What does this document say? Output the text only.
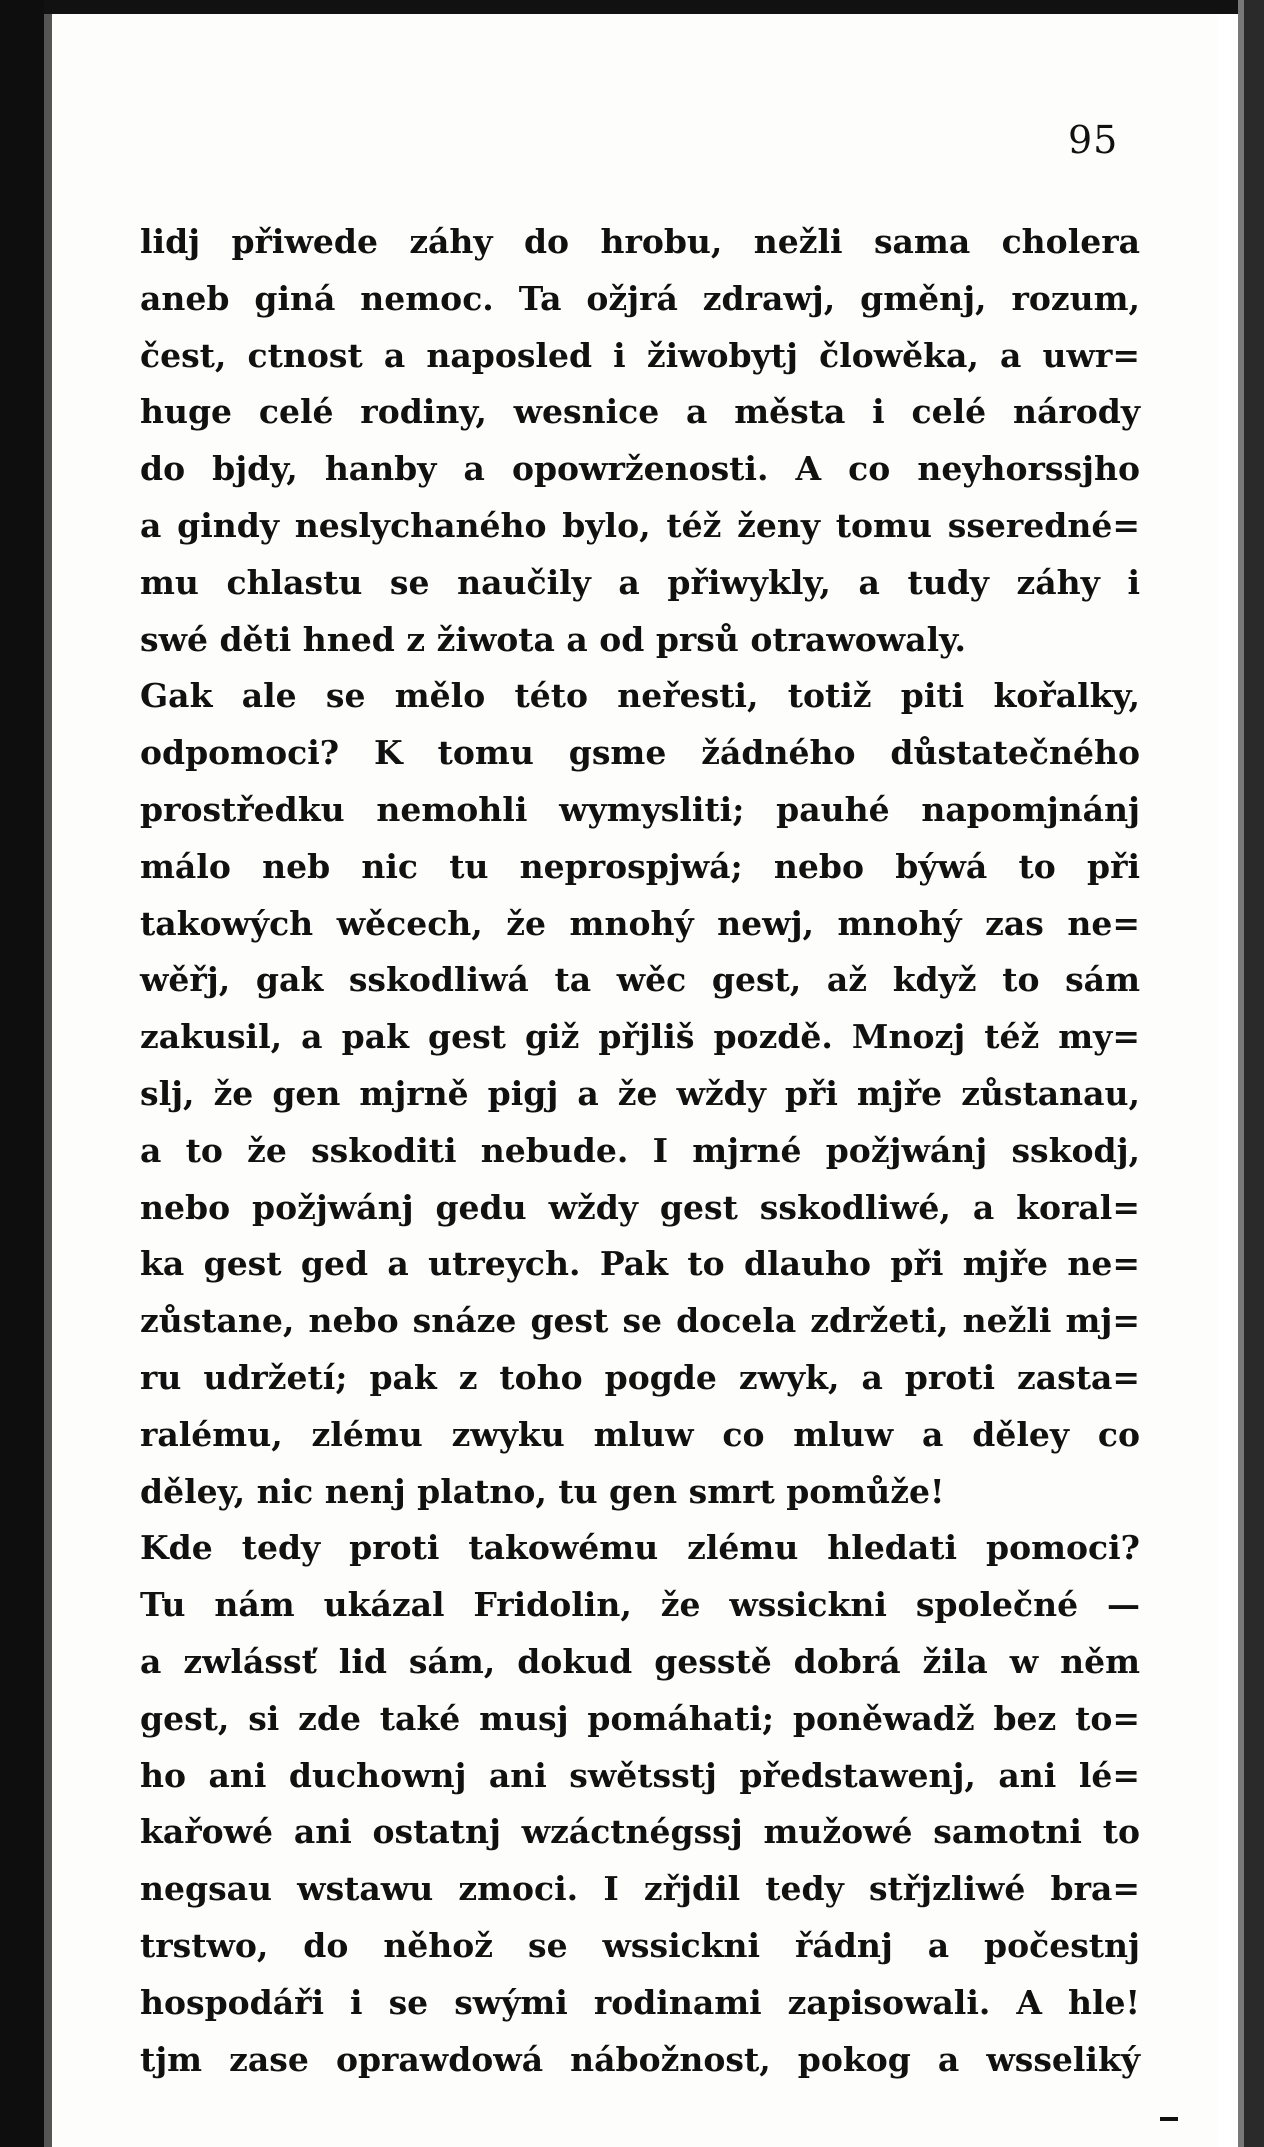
95
lidj přiwede záhy do hrobu, nežli sama cholera
aneb giná nemoc. Ta ožjrá zdrawj, gměnj, rozum,
čest, ctnost a naposled i žiwobytj člowěka, a uwr=
huge celé rodiny, wesnice a města i celé národy
do bjdy, hanby a opowrženosti. A co neyhorssjho
a gindy neslychaného bylo, též ženy tomu sseredné=
mu chlastu se naučily a přiwykly, a tudy záhy i
swé děti hned z žiwota a od prsů otrawowaly.
Gak ale se mělo této neřesti, totiž piti kořalky,
odpomoci? K tomu gsme žádného důstatečného
prostředku nemohli wymysliti; pauhé napomjnánj
málo neb nic tu neprospjwá; nebo býwá to při
takowých wěcech, že mnohý newj, mnohý zas ne=
wěřj, gak sskodliwá ta wěc gest, až když to sám
zakusil, a pak gest giž přjliš pozdě. Mnozj též my=
slj, že gen mjrně pigj a že wždy při mjře zůstanau,
a to že sskoditi nebude. I mjrné požjwánj sskodj,
nebo požjwánj gedu wždy gest sskodliwé, a koral=
ka gest ged a utreych. Pak to dlauho při mjře ne=
zůstane, nebo snáze gest se docela zdržeti, nežli mj=
ru udržetí; pak z toho pogde zwyk, a proti zasta=
ralému, zlému zwyku mluw co mluw a děley co
děley, nic nenj platno, tu gen smrt pomůže!
Kde tedy proti takowému zlému hledati pomoci?
Tu nám ukázal Fridolin, že wssickni společné —
a zwlássť lid sám, dokud gesstě dobrá žila w něm
gest, si zde také musj pomáhati; poněwadž bez to=
ho ani duchownj ani swětsstj předstawenj, ani lé=
kařowé ani ostatnj wzáctnégssj mužowé samotni to
negsau wstawu zmoci. I zřjdil tedy střjzliwé bra=
trstwo, do něhož se wssickni řádnj a počestnj
hospodáři i se swými rodinami zapisowali. A hle!
tjm zase oprawdowá nábožnost, pokog a wsseliký
